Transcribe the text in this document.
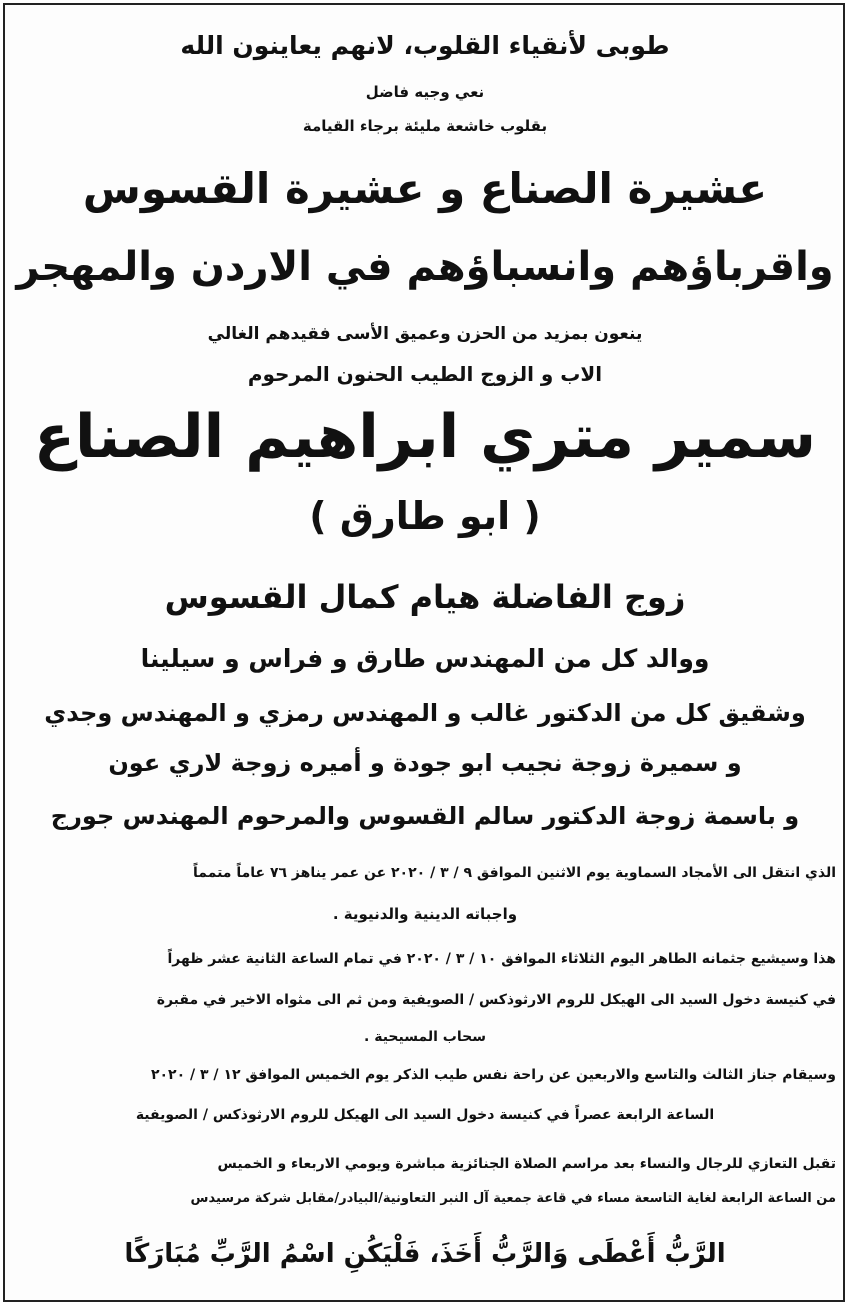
طوبى لأنقياء القلوب، لانهم يعاينون الله
نعي وجيه فاضل
بقلوب خاشعة مليئة برجاء القيامة
عشيرة الصناع و عشيرة القسوس
واقرباؤهم وانسباؤهم في الاردن والمهجر
ينعون بمزيد من الحزن وعميق الأسى فقيدهم الغالي
الاب و الزوج الطيب الحنون المرحوم
سمير متري ابراهيم الصناع
( ابو طارق )
زوج الفاضلة هيام كمال القسوس
ووالد كل من المهندس طارق و فراس و سيلينا
وشقيق كل من الدكتور غالب و المهندس رمزي و المهندس وجدي
و سميرة زوجة نجيب ابو جودة و أميره زوجة لاري عون
و باسمة زوجة الدكتور سالم القسوس والمرحوم المهندس جورج
الذي انتقل الى الأمجاد السماوية يوم الاثنين الموافق ٩ / ٣ / ٢٠٢٠ عن عمر يناهز ٧٦ عاماً متمماً
واجباته الدينية والدنيوية .
هذا وسيشيع جثمانه الطاهر اليوم الثلاثاء الموافق ١٠ / ٣ / ٢٠٢٠ في تمام الساعة الثانية عشر ظهراً
في كنيسة دخول السيد الى الهيكل للروم الارثوذكس / الصويفية ومن ثم الى مثواه الاخير في مقبرة
سحاب المسيحية .
وسيقام جناز الثالث والتاسع والاربعين عن راحة نفس طيب الذكر يوم الخميس الموافق ١٢ / ٣ / ٢٠٢٠
الساعة الرابعة عصراً في كنيسة دخول السيد الى الهيكل للروم الارثوذكس / الصويفية
تقبل التعازي للرجال والنساء بعد مراسم الصلاة الجنائزية مباشرة ويومي الاربعاء و الخميس
من الساعة الرابعة لغاية التاسعة مساء في قاعة جمعية آل النبر التعاونية/البيادر/مقابل شركة مرسيدس
الرَّبُّ أَعْطَى وَالرَّبُّ أَخَذَ، فَلْيَكُنِ اسْمُ الرَّبِّ مُبَارَكًا
